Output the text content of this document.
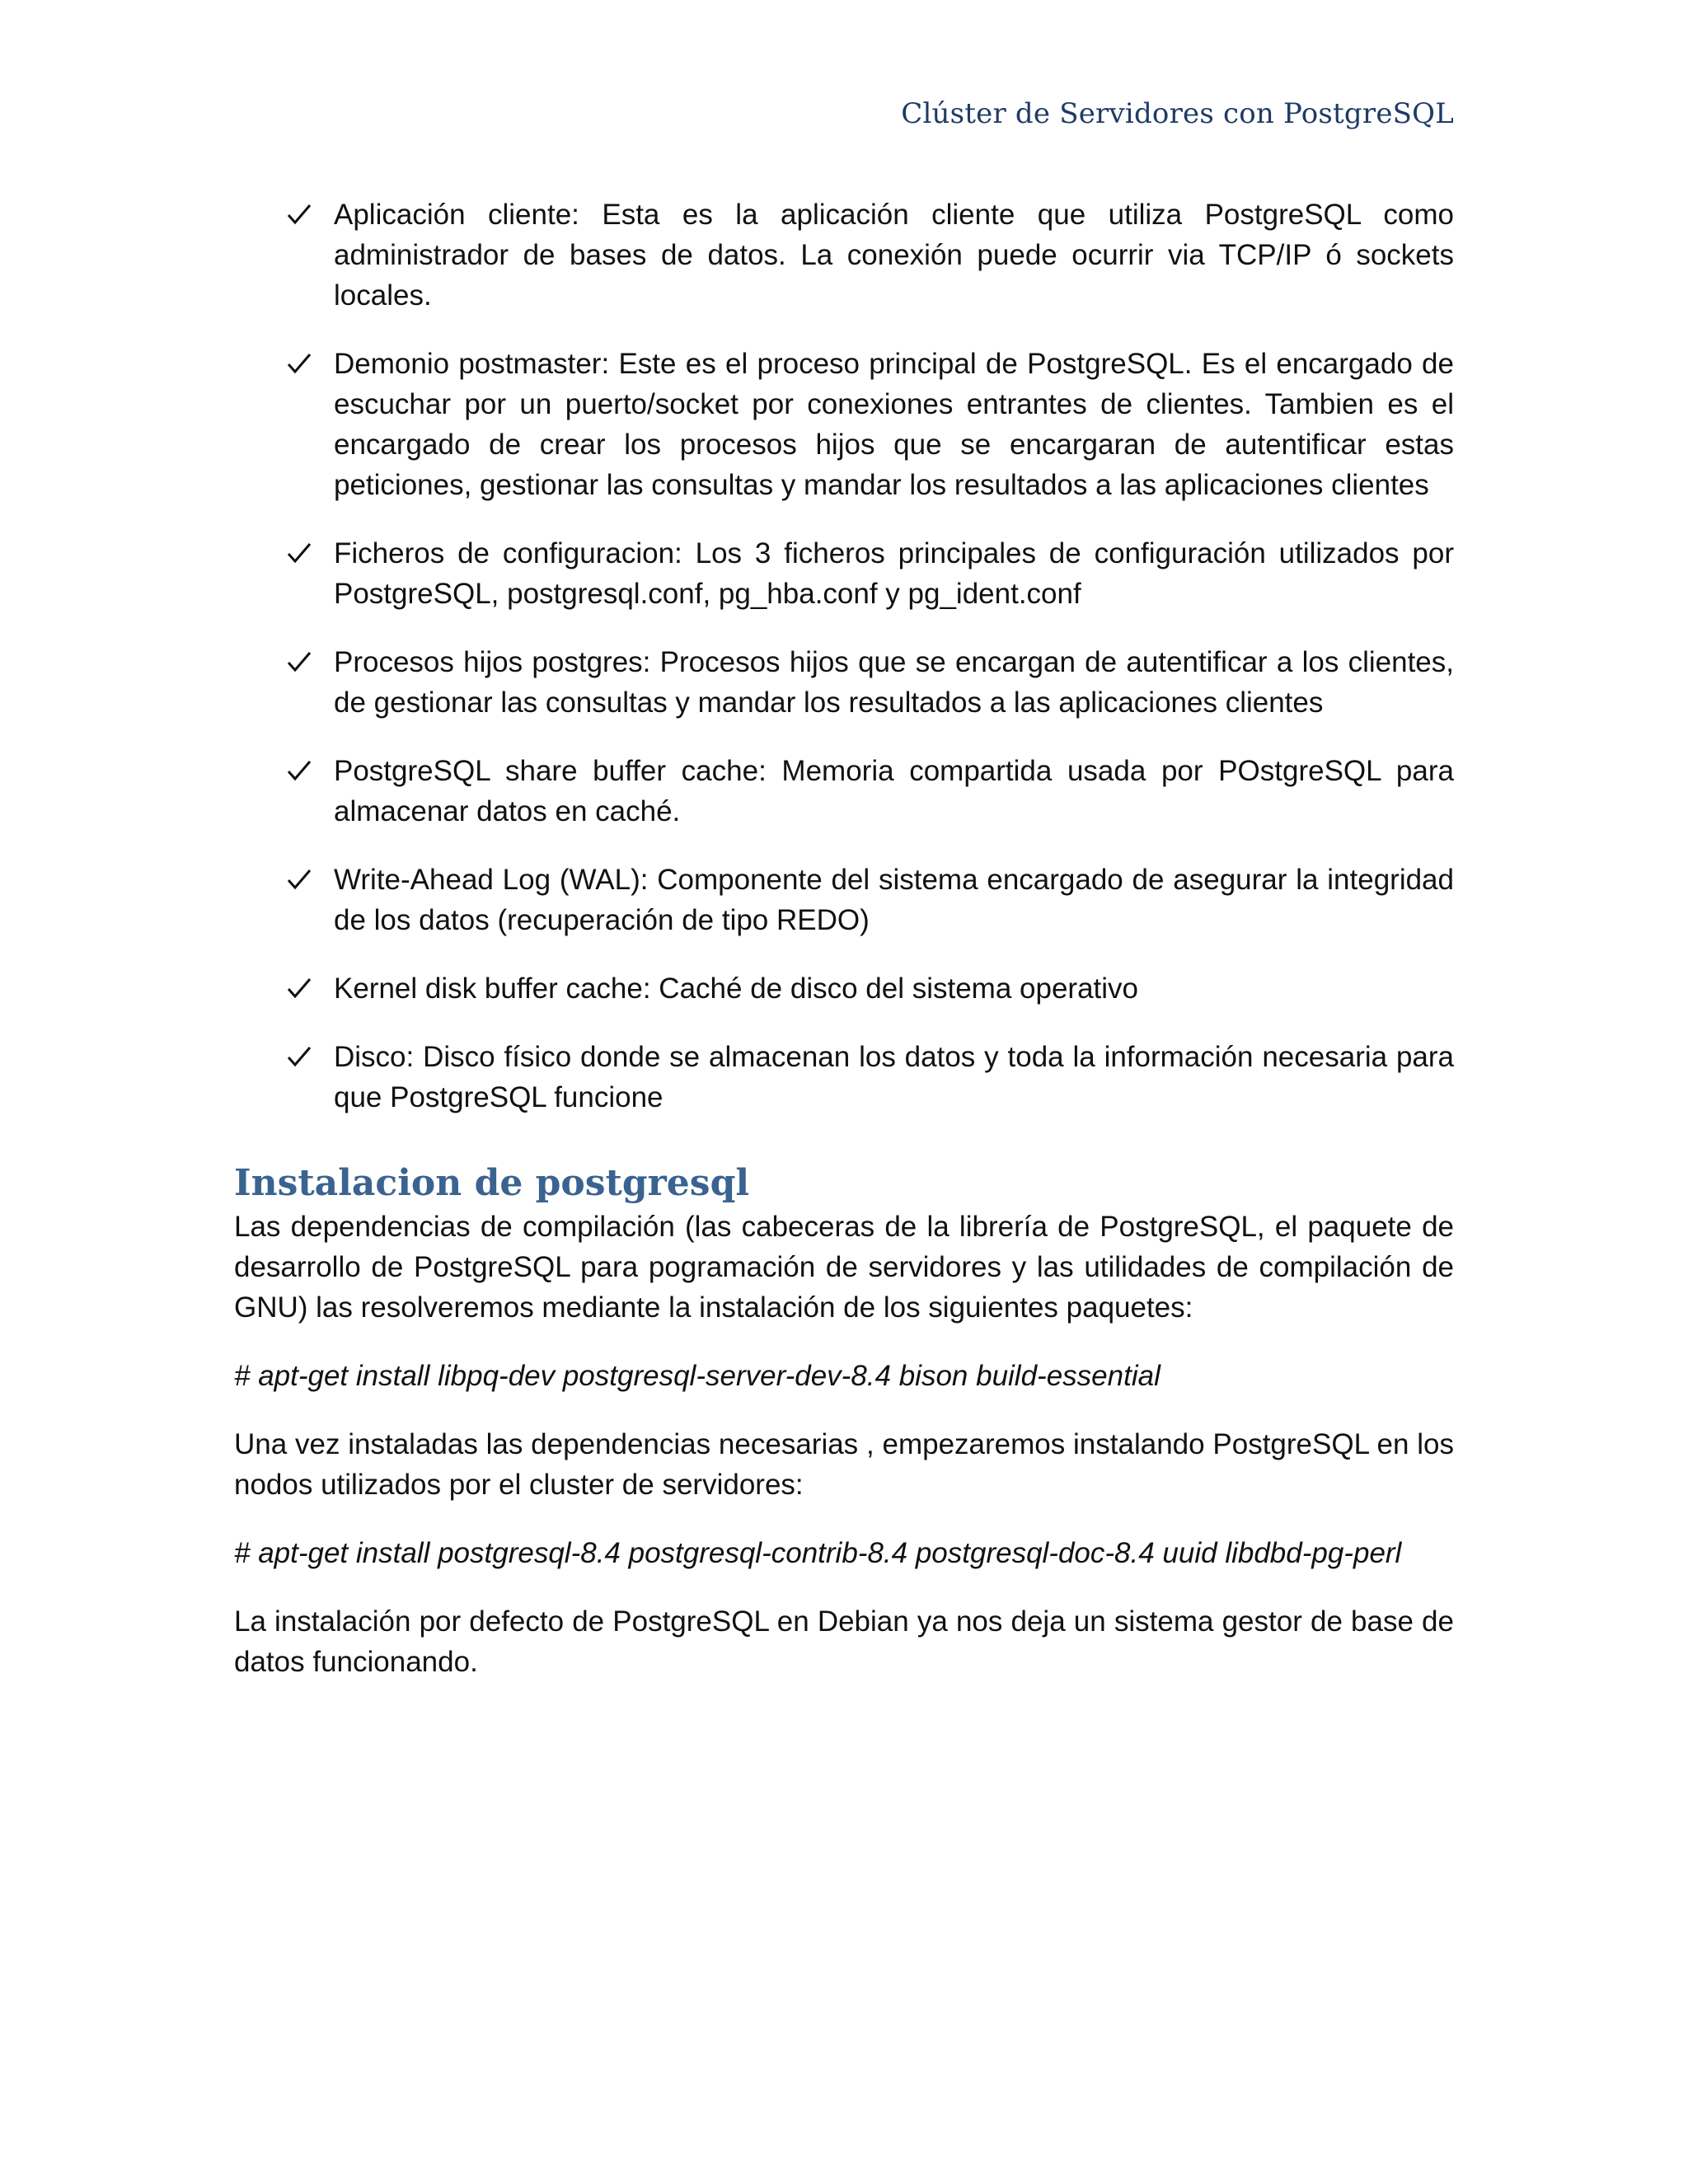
Clúster de Servidores con PostgreSQL
Aplicación cliente: Esta es la aplicación cliente que utiliza PostgreSQL como administrador de bases de datos. La conexión puede ocurrir via TCP/IP ó sockets locales.
Demonio postmaster: Este es el proceso principal de PostgreSQL. Es el encargado de escuchar por un puerto/socket por conexiones entrantes de clientes. Tambien es el encargado de crear los procesos hijos que se encargaran de autentificar estas peticiones, gestionar las consultas y mandar los resultados a las aplicaciones clientes
Ficheros de configuracion: Los 3 ficheros principales de configuración utilizados por PostgreSQL, postgresql.conf, pg_hba.conf y pg_ident.conf
Procesos hijos postgres: Procesos hijos que se encargan de autentificar a los clientes, de gestionar las consultas y mandar los resultados a las aplicaciones clientes
PostgreSQL share buffer cache: Memoria compartida usada por POstgreSQL para almacenar datos en caché.
Write-Ahead Log (WAL): Componente del sistema encargado de asegurar la integridad de los datos (recuperación de tipo REDO)
Kernel disk buffer cache: Caché de disco del sistema operativo
Disco: Disco físico donde se almacenan los datos y toda la información necesaria para que PostgreSQL funcione
Instalacion de postgresql

Las dependencias de compilación (las cabeceras de la librería de PostgreSQL, el paquete de desarrollo de PostgreSQL para pogramación de servidores y las utilidades de compilación de GNU) las resolveremos mediante la instalación de los siguientes paquetes:

# apt-get install libpq-dev postgresql-server-dev-8.4 bison build-essential

Una vez instaladas las dependencias necesarias , empezaremos instalando PostgreSQL en los nodos utilizados por el cluster de servidores:

# apt-get install postgresql-8.4 postgresql-contrib-8.4 postgresql-doc-8.4 uuid libdbd-pg-perl

La instalación por defecto de PostgreSQL en Debian ya nos deja un sistema gestor de base de datos funcionando.
